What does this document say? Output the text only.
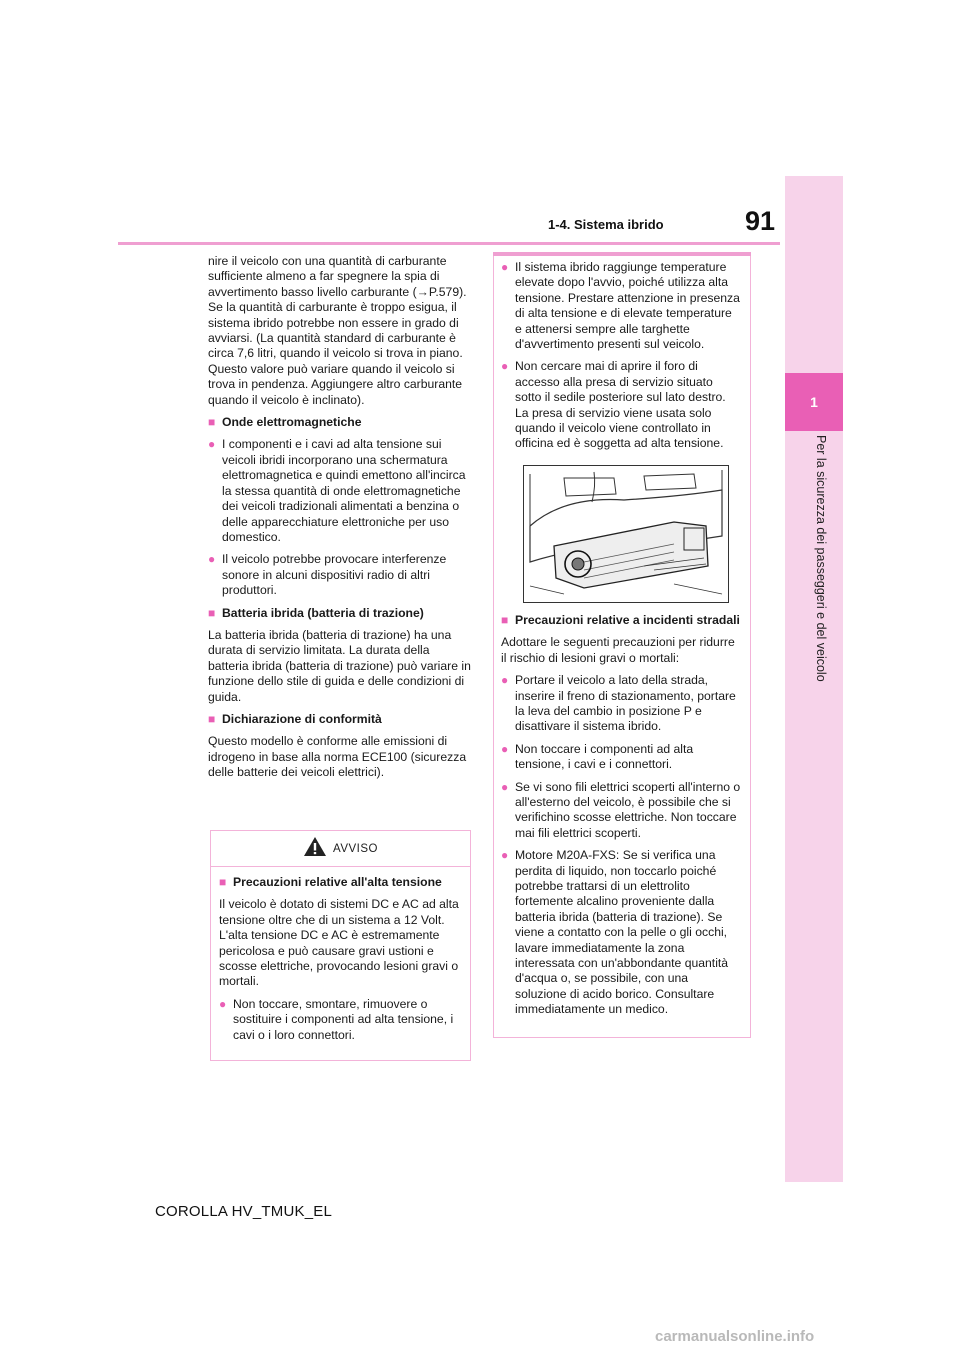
91
1-4. Sistema ibrido
1
Per la sicurezza dei passeggeri e del veicolo

nire il veicolo con una quantità di carburante sufficiente almeno a far spegnere la spia di avvertimento basso livello carburante (→P.579). Se la quantità di carburante è troppo esigua, il sistema ibrido potrebbe non essere in grado di avviarsi. (La quantità standard di carburante è circa 7,6 litri, quando il veicolo si trova in piano. Questo valore può variare quando il veicolo si trova in pendenza. Aggiungere altro carburante quando il veicolo è inclinato).

■ Onde elettromagnetiche

● I componenti e i cavi ad alta tensione sui veicoli ibridi incorporano una schermatura elettromagnetica e quindi emettono all'incirca la stessa quantità di onde elettromagnetiche dei veicoli tradizionali alimentati a benzina o delle apparecchiature elettroniche per uso domestico.

● Il veicolo potrebbe provocare interferenze sonore in alcuni dispositivi radio di altri produttori.

■ Batteria ibrida (batteria di trazione)

La batteria ibrida (batteria di trazione) ha una durata di servizio limitata. La durata della batteria ibrida (batteria di trazione) può variare in funzione dello stile di guida e delle condizioni di guida.

■ Dichiarazione di conformità

Questo modello è conforme alle emissioni di idrogeno in base alla norma ECE100 (sicurezza delle batterie dei veicoli elettrici).

AVVISO
■ Precauzioni relative all'alta tensione

Il veicolo è dotato di sistemi DC e AC ad alta tensione oltre che di un sistema a 12 Volt. L'alta tensione DC e AC è estremamente pericolosa e può causare gravi ustioni e scosse elettriche, provocando lesioni gravi o mortali.

● Non toccare, smontare, rimuovere o sostituire i componenti ad alta tensione, i cavi o i loro connettori.

● Il sistema ibrido raggiunge temperature elevate dopo l'avvio, poiché utilizza alta tensione. Prestare attenzione in presenza di alta tensione e di elevate temperature e attenersi sempre alle targhette d'avvertimento presenti sul veicolo.

● Non cercare mai di aprire il foro di accesso alla presa di servizio situato sotto il sedile posteriore sul lato destro. La presa di servizio viene usata solo quando il veicolo viene controllato in officina ed è soggetta ad alta tensione.

■ Precauzioni relative a incidenti stradali

Adottare le seguenti precauzioni per ridurre il rischio di lesioni gravi o mortali:

● Portare il veicolo a lato della strada, inserire il freno di stazionamento, portare la leva del cambio in posizione P e disattivare il sistema ibrido.

● Non toccare i componenti ad alta tensione, i cavi e i connettori.

● Se vi sono fili elettrici scoperti all'interno o all'esterno del veicolo, è possibile che si verifichino scosse elettriche. Non toccare mai fili elettrici scoperti.

● Motore M20A-FXS: Se si verifica una perdita di liquido, non toccarlo poiché potrebbe trattarsi di un elettrolito fortemente alcalino proveniente dalla batteria ibrida (batteria di trazione). Se viene a contatto con la pelle o gli occhi, lavare immediatamente la zona interessata con un'abbondante quantità d'acqua o, se possibile, con una soluzione di acido borico. Consultare immediatamente un medico.

COROLLA HV_TMUK_EL
carmanualsonline.info
